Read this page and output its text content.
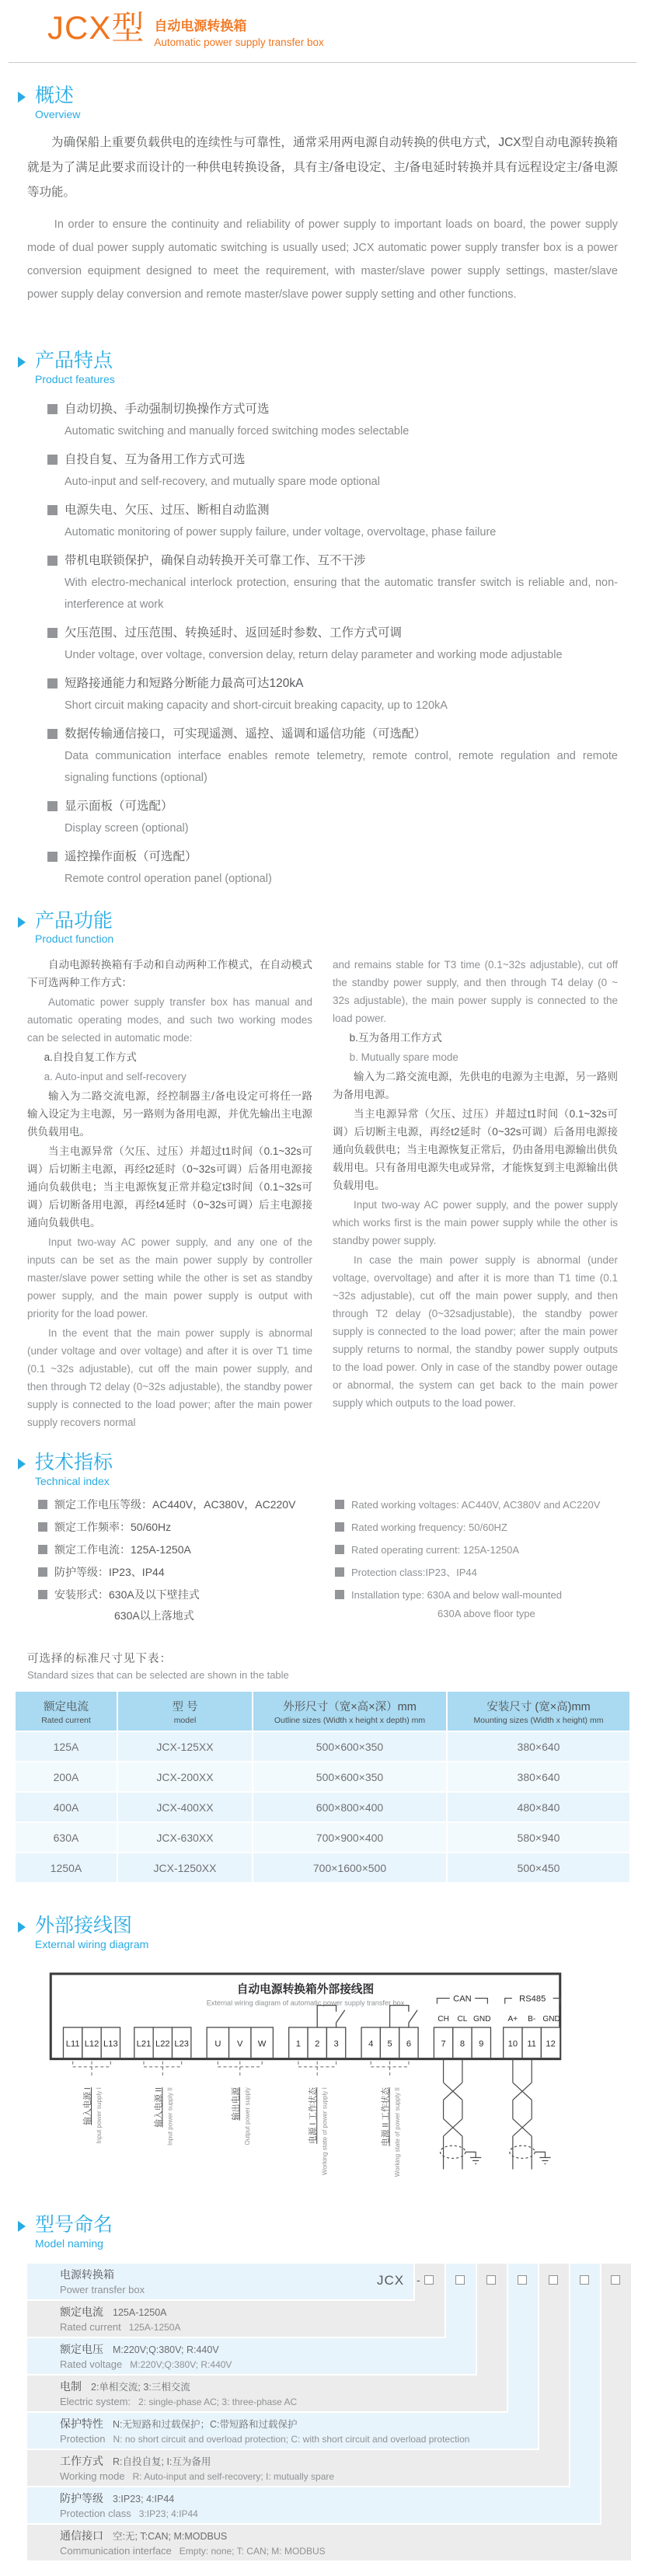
JCX型 自动电源转换箱
Automatic power supply transfer box
概述
Overview

为确保船上重要负载供电的连续性与可靠性，通常采用两电源自动转换的供电方式，JCX型自动电源转换箱就是为了满足此要求而设计的一种供电转换设备，具有主/备电设定、主/备电延时转换并具有远程设定主/备电源等功能。

In order to ensure the continuity and reliability of power supply to important loads on board, the power supply mode of dual power supply automatic switching is usually used; JCX automatic power supply transfer box is a power conversion equipment designed to meet the requirement, with master/slave power supply settings, master/slave power supply delay conversion and remote master/slave power supply setting and other functions.

产品特点
Product features
自动切换、手动强制切换操作方式可选
Automatic switching and manually forced switching modes selectable
自投自复、互为备用工作方式可选
Auto-input and self-recovery, and mutually spare mode optional
电源失电、欠压、过压、断相自动监测
Automatic monitoring of power supply failure, under voltage, overvoltage, phase failure
带机电联锁保护，确保自动转换开关可靠工作、互不干涉
With electro-mechanical interlock protection, ensuring that the automatic transfer switch is reliable and, non-interference at work
欠压范围、过压范围、转换延时、返回延时参数、工作方式可调
Under voltage, over voltage, conversion delay, return delay parameter and working mode adjustable
短路接通能力和短路分断能力最高可达120kA
Short circuit making capacity and short-circuit breaking capacity, up to 120kA
数据传输通信接口，可实现遥测、遥控、遥调和遥信功能（可选配）
Data communication interface enables remote telemetry, remote control, remote regulation and remote signaling functions (optional)
显示面板（可选配）
Display screen (optional)
遥控操作面板（可选配）
Remote control operation panel (optional)
产品功能
Product function

自动电源转换箱有手动和自动两种工作模式，在自动模式下可选两种工作方式：

Automatic power supply transfer box has manual and automatic operating modes, and such two working modes can be selected in automatic mode:

a.自投自复工作方式

a. Auto-input and self-recovery

输入为二路交流电源，经控制器主/备电设定可将任一路输入设定为主电源，另一路则为备用电源，并优先输出主电源供负载用电。

当主电源异常（欠压、过压）并超过t1时间（0.1~32s可调）后切断主电源，再经t2延时（0~32s可调）后备用电源接通向负载供电；当主电源恢复正常并稳定t3时间（0.1~32s可调）后切断备用电源，再经t4延时（0~32s可调）后主电源接通向负载供电。

Input two-way AC power supply, and any one of the inputs can be set as the main power supply by controller master/slave power setting while the other is set as standby power supply, and the main power supply is output with priority for the load power.

In the event that the main power supply is abnormal (under voltage and over voltage) and after it is over T1 time (0.1 ~32s adjustable), cut off the main power supply, and then through T2 delay (0~32s adjustable), the standby power supply is connected to the load power; after the main power supply recovers normal

and remains stable for T3 time (0.1~32s adjustable), cut off the standby power supply, and then through T4 delay (0 ~ 32s adjustable), the main power supply is connected to the load power.

b.互为备用工作方式

b. Mutually spare mode

输入为二路交流电源，先供电的电源为主电源，另一路则为备用电源。

当主电源异常（欠压、过压）并超过t1时间（0.1~32s可调）后切断主电源，再经t2延时（0~32s可调）后备用电源接通向负载供电；当主电源恢复正常后，仍由备用电源输出供负载用电。只有备用电源失电或异常，才能恢复到主电源输出供负载用电。

Input two-way AC power supply, and the power supply which works first is the main power supply while the other is standby power supply.

In case the main power supply is abnormal (under voltage, overvoltage) and after it is more than T1 time (0.1 ~32s adjustable), cut off the main power supply, and then through T2 delay (0~32sadjustable), the standby power supply is connected to the load power; after the main power supply returns to normal, the standby power supply outputs to the load power. Only in case of the standby power outage or abnormal, the system can get back to the main power supply which outputs to the load power.

技术指标
Technical index
额定工作电压等级：AC440V，AC380V，AC220V
额定工作频率：50/60Hz
额定工作电流：125A-1250A
防护等级：IP23、IP44
安装形式：630A及以下壁挂式
630A以上落地式
Rated working voltages: AC440V, AC380V and AC220V
Rated working frequency: 50/60HZ
Rated operating current: 125A-1250A
Protection class:IP23、IP44
Installation type: 630A and below wall-mounted
630A above floor type
可选择的标准尺寸见下表：
Standard sizes that can be selected are shown in the table
额定电流
Rated current
型 号
model
外形尺寸（宽×高×深）mm
Outline sizes (Width x height x depth) mm
安装尺寸 (宽×高)mm
Mounting sizes (Width x height) mm
125A	JCX-125XX	500×600×350	380×640
200A	JCX-200XX	500×600×350	380×640
400A	JCX-400XX	600×800×400	480×840
630A	JCX-630XX	700×900×400	580×940
1250A	JCX-1250XX	700×1600×500	500×450
外部接线图
External wiring diagram
自动电源转换箱外部接线图
External wiring diagram of automatic power supply transfer box	CAN
CH CL GND
RS485
A+ B- GND
L11 L12 L13 L21 L22 L23	U V W	1 2 3	4 5 6	7 8 9	10 11 12
输入电源 I Input power supply I	输入电源 II Input power supply II	输出电源 Output power supply	电源 I 工作状态 Working state of power supply I	电源 II 工作状态 Working state of power supply II
型号命名
Model naming
电源转换箱
Power transfer box
额定电流 125A-1250A
Rated current 125A-1250A
额定电压 M:220V;Q:380V; R:440V
Rated voltage M:220V;Q:380V; R:440V
电制 2:单相交流; 3:三相交流
Electric system: 2: single-phase AC; 3: three-phase AC
保护特性 N:无短路和过载保护；C:带短路和过载保护
Protection N: no short circuit and overload protection; C: with short circuit and overload protection
工作方式 R:自投自复; I:互为备用
Working mode R: Auto-input and self-recovery; I: mutually spare
防护等级 3:IP23; 4:IP44
Protection class 3:IP23; 4:IP44
通信接口 空:无; T:CAN; M:MODBUS
Communication interface Empty: none; T: CAN; M: MODBUS
JCX -
